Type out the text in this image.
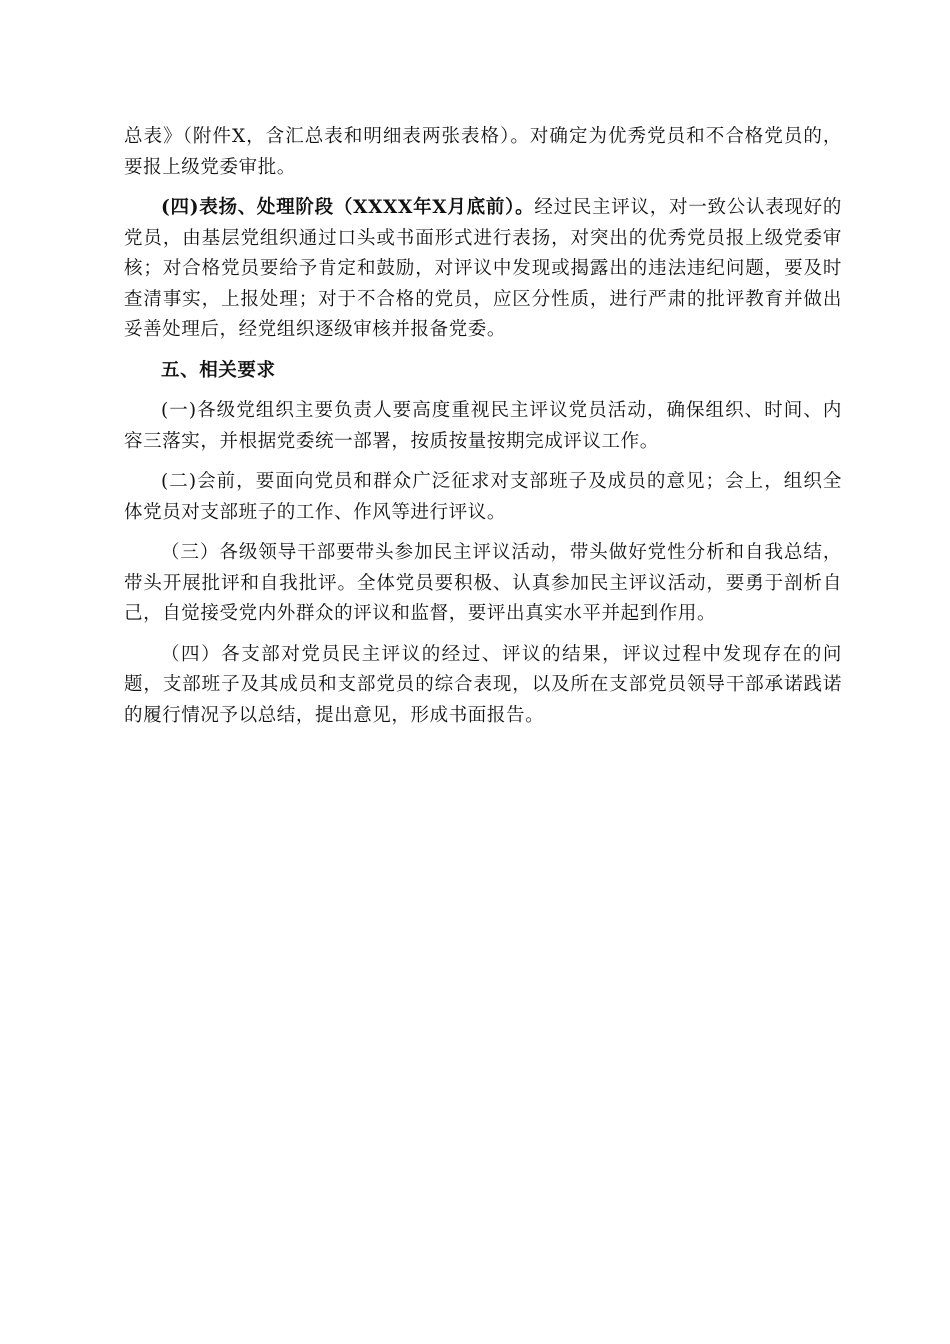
总表》（附件X，含汇总表和明细表两张表格）。对确定为优秀党员和不合格党员的，要报上级党委审批。

(四)表扬、处理阶段（XXXX年X月底前）。经过民主评议，对一致公认表现好的党员，由基层党组织通过口头或书面形式进行表扬，对突出的优秀党员报上级党委审核；对合格党员要给予肯定和鼓励，对评议中发现或揭露出的违法违纪问题，要及时查清事实，上报处理；对于不合格的党员，应区分性质，进行严肃的批评教育并做出妥善处理后，经党组织逐级审核并报备党委。

五、相关要求

(一)各级党组织主要负责人要高度重视民主评议党员活动，确保组织、时间、内容三落实，并根据党委统一部署，按质按量按期完成评议工作。

(二)会前，要面向党员和群众广泛征求对支部班子及成员的意见；会上，组织全体党员对支部班子的工作、作风等进行评议。

（三）各级领导干部要带头参加民主评议活动，带头做好党性分析和自我总结，带头开展批评和自我批评。全体党员要积极、认真参加民主评议活动，要勇于剖析自己，自觉接受党内外群众的评议和监督，要评出真实水平并起到作用。

（四）各支部对党员民主评议的经过、评议的结果，评议过程中发现存在的问题，支部班子及其成员和支部党员的综合表现，以及所在支部党员领导干部承诺践诺的履行情况予以总结，提出意见，形成书面报告。
